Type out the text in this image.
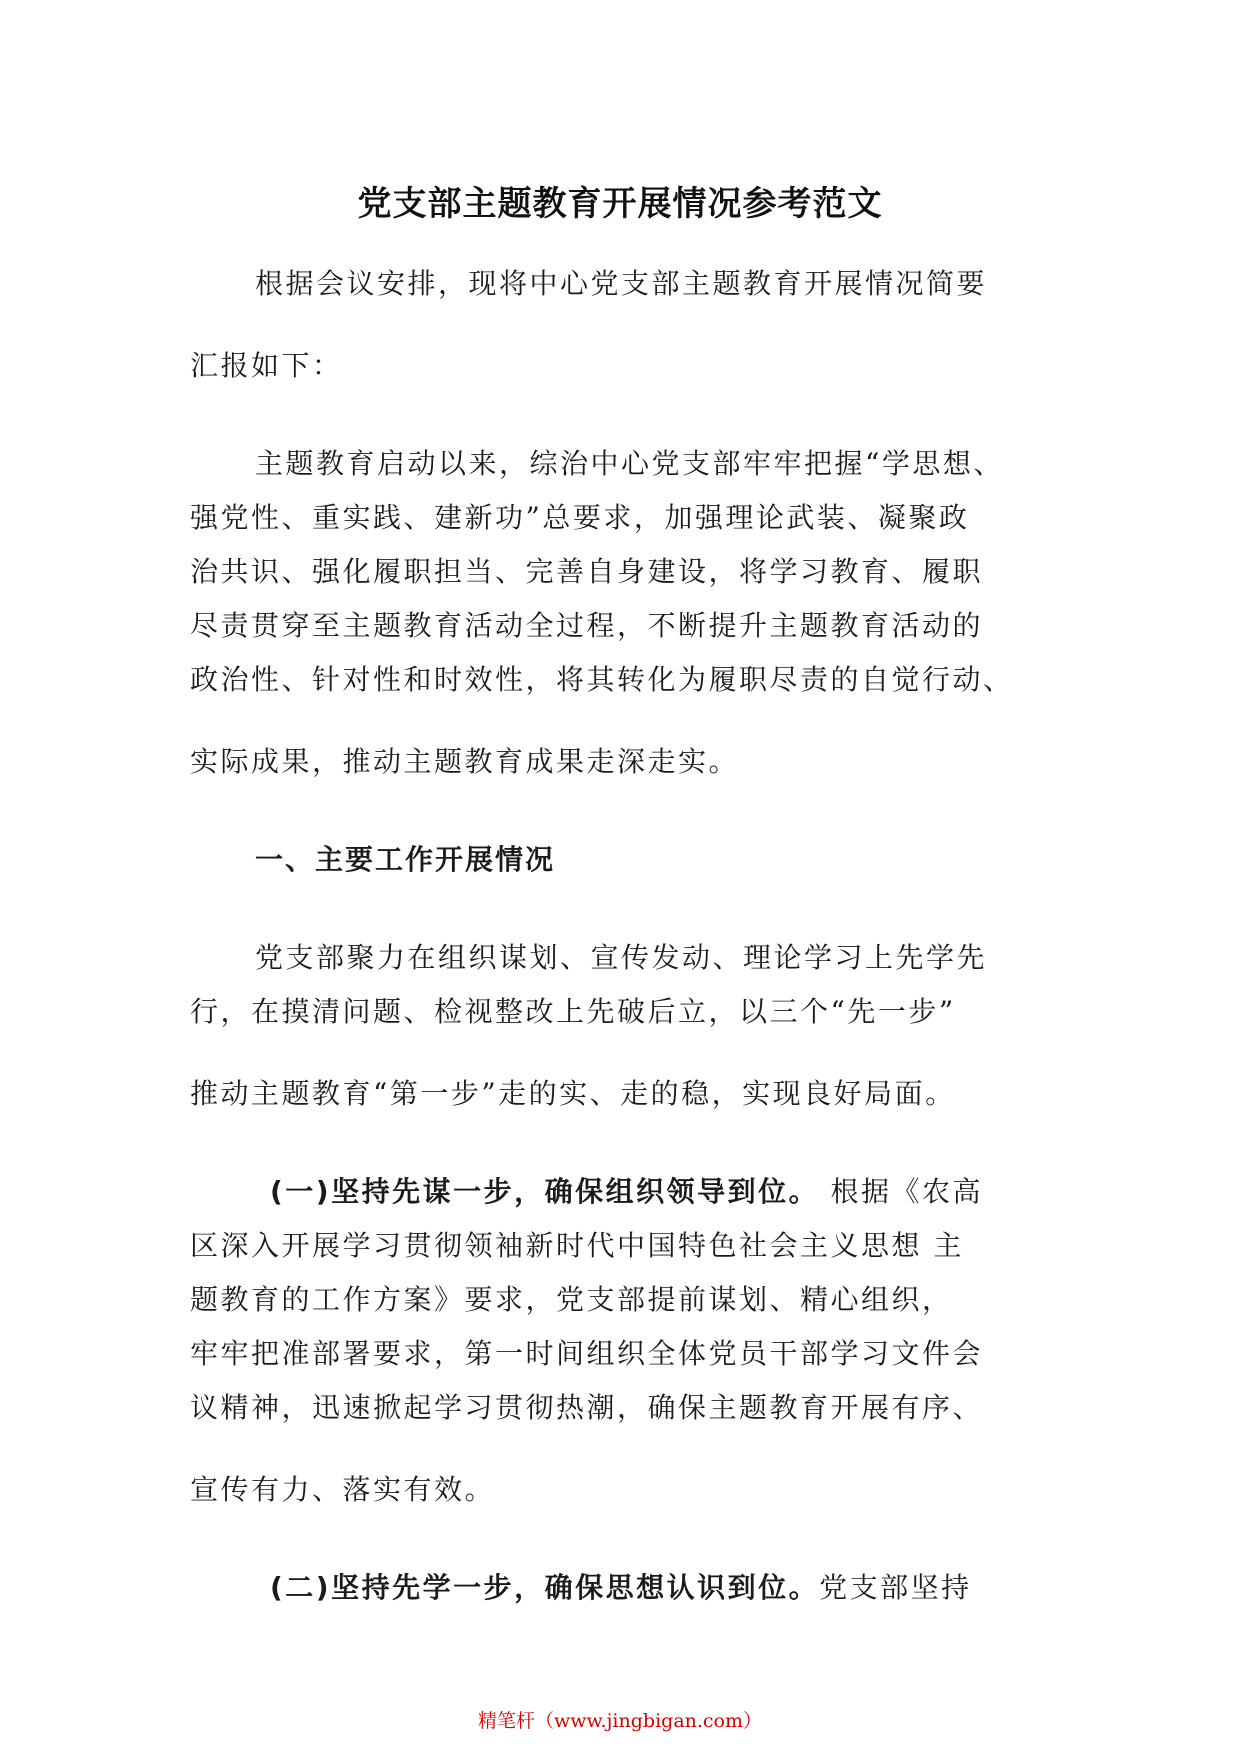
党支部主题教育开展情况参考范文
根据会议安排，现将中心党支部主题教育开展情况简要
汇报如下：
主题教育启动以来，综治中心党支部牢牢把握“学思想、
强党性、重实践、建新功”总要求，加强理论武装、凝聚政
治共识、强化履职担当、完善自身建设，将学习教育、履职
尽责贯穿至主题教育活动全过程，不断提升主题教育活动的
政治性、针对性和时效性，将其转化为履职尽责的自觉行动、
实际成果，推动主题教育成果走深走实。
一、主要工作开展情况
党支部聚力在组织谋划、宣传发动、理论学习上先学先
行，在摸清问题、检视整改上先破后立，以三个“先一步”
推动主题教育“第一步”走的实、走的稳，实现良好局面。
(一)坚持先谋一步，确保组织领导到位。 根据《农高
区深入开展学习贯彻领袖新时代中国特色社会主义思想 主
题教育的工作方案》要求，党支部提前谋划、精心组织，
牢牢把准部署要求，第一时间组织全体党员干部学习文件会
议精神，迅速掀起学习贯彻热潮，确保主题教育开展有序、
宣传有力、落实有效。
(二)坚持先学一步，确保思想认识到位。党支部坚持
精笔杆（www.jingbigan.com）
